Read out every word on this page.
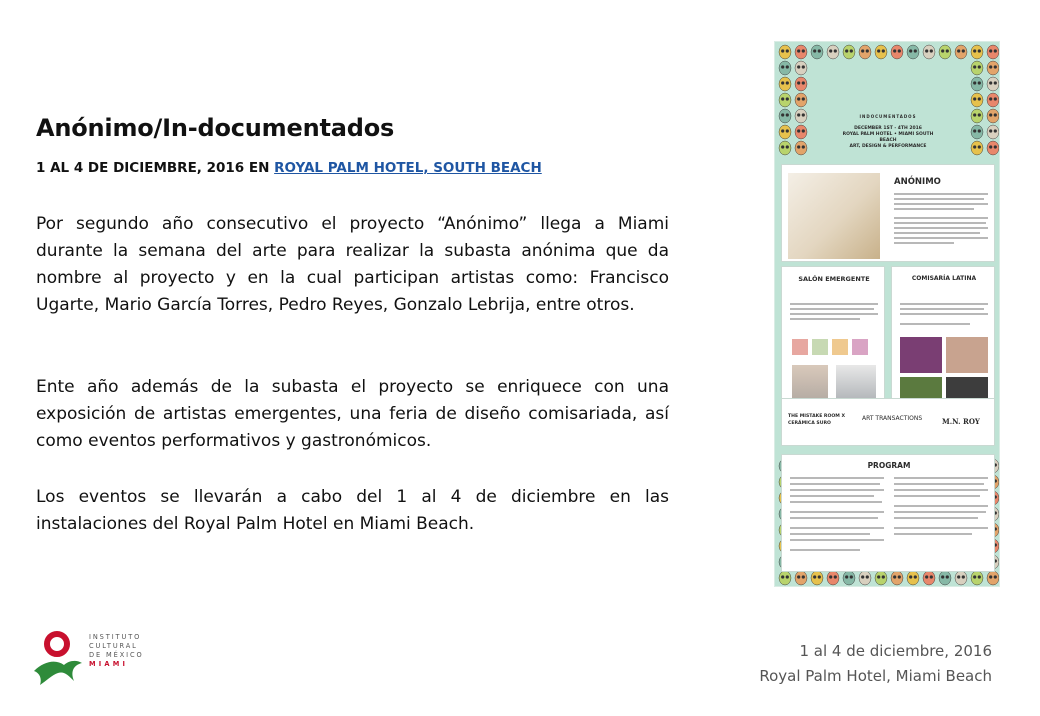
Anónimo/In-documentados
1 AL 4 DE DICIEMBRE, 2016 EN ROYAL PALM HOTEL, SOUTH BEACH

Por segundo año consecutivo el proyecto “Anónimo” llega a Miami durante la semana del arte para realizar la subasta anónima que da nombre al proyecto y en la cual participan artistas como: Francisco Ugarte, Mario García Torres, Pedro Reyes, Gonzalo Lebrija, entre otros.

Ente año además de la subasta el proyecto se enriquece con una exposición de artistas emergentes, una feria de diseño comisariada, así como eventos performativos y gastronómicos.

Los eventos se llevarán a cabo del 1 al 4 de diciembre en las instalaciones del Royal Palm Hotel en Miami Beach.

INDOCUMENTADOS
DECEMBER 1ST - 4TH 2016
ROYAL PALM HOTEL • MIAMI SOUTH BEACH
ART, DESIGN & PERFORMANCE
ANÓNIMO
SALÓN EMERGENTE	COMISARÍA LATINA
THE MISTAKE ROOM X CERÁMICA SURO
ART TRANSACTIONS	M.N. ROY
PROGRAM
INSTITUTO
CULTURAL
DE MÉXICO
MIAMI
1 al 4 de diciembre, 2016
Royal Palm Hotel, Miami Beach
